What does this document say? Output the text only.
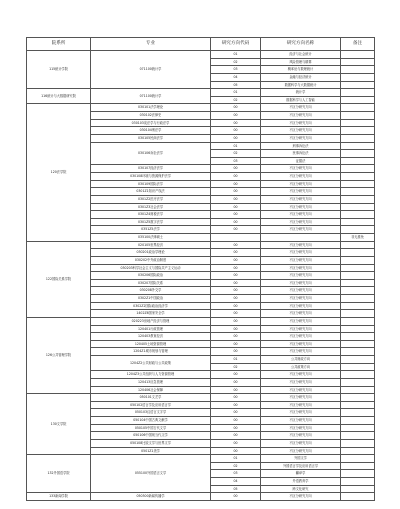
院系所	专业	研究方向代码	研究方向名称	备注
115统计学院	071100统计学	01	经济与社会统计	
		02	风险管理与精算	
		03	概率论与数理统计	
		04	金融与经济统计	
		05	数据科学与大数据统计	
116统计与大数据研究院	071100统计学	01	统计学	
		02	数据科学与人工智能	
120法学院	030101法学理论	00	不区分研究方向	
	030102法律史	00	不区分研究方向	
	030103宪法学与行政法学	00	不区分研究方向	
	030104刑法学	00	不区分研究方向	
	030105民商法学	00	不区分研究方向	
	030106诉讼法学	01	刑事诉讼法	
		02	民事诉讼法	
		03	证据法	
	030107经济法学	00	不区分研究方向	
	030108环境与资源保护法学	00	不区分研究方向	
	030109国际法学	00	不区分研究方向	
	0301Z1知识产权法	00	不区分研究方向	
	0301Z2医疗法学	00	不区分研究方向	
	0301Z3社会法学	00	不区分研究方向	
	0301Z4财税法学	00	不区分研究方向	
	0301Z5数字法学	00	不区分研究方向	
	0351Z5法学	00	不区分研究方向	
	035100法律硕士			非无推免
122国际关系学院	020105世界经济	00	不区分研究方向	
	030201政治学理论	00	不区分研究方向	
	030202中外政治制度	00	不区分研究方向	
	030203科学社会主义与国际共产主义运动	00	不区分研究方向	
	030206国际政治	00	不区分研究方向	
	030207国际关系	00	不区分研究方向	
	030208外交学	00	不区分研究方向	
	0302Z1中国政治	00	不区分研究方向	
	0302Z2国际政治经济学	00	不区分研究方向	
	1402Z6国家安全学	00	不区分研究方向	
126公共管理学院	020223房地产经济与管理	00	不区分研究方向	
	120401行政管理	00	不区分研究方向	
	120403教育经济	00	不区分研究方向	
	120405土地资源管理	00	不区分研究方向	
	1204Z1城市规划与管理	00	不区分研究方向	
	1204Z2公共财政与公共政策	01	公共财政方向	
		02	公共政策方向	
	1204Z3公共组织与人力资源管理	00	不区分研究方向	
	120413应急管理	00	不区分研究方向	
	120406社会保障	00	不区分研究方向	
130文学院	050101文艺学	00	不区分研究方向	
	050102语言学及应用语言学	00	不区分研究方向	
	050103汉语言文字学	00	不区分研究方向	
	050104中国古典文献学	00	不区分研究方向	
	050105中国古代文学	00	不区分研究方向	
	050106中国现当代文学	00	不区分研究方向	
	050108比较文学与世界文学	00	不区分研究方向	
	0501Z1美学	00	不区分研究方向	
132外国语学院	055100外国语言文学	01	外国文学	
		02	外国语言学及应用语言学	
		03	翻译学	
		04	外语教育学	
		05	跨文化研究	
133新闻学院	050300新闻传播学	00	不区分研究方向	
